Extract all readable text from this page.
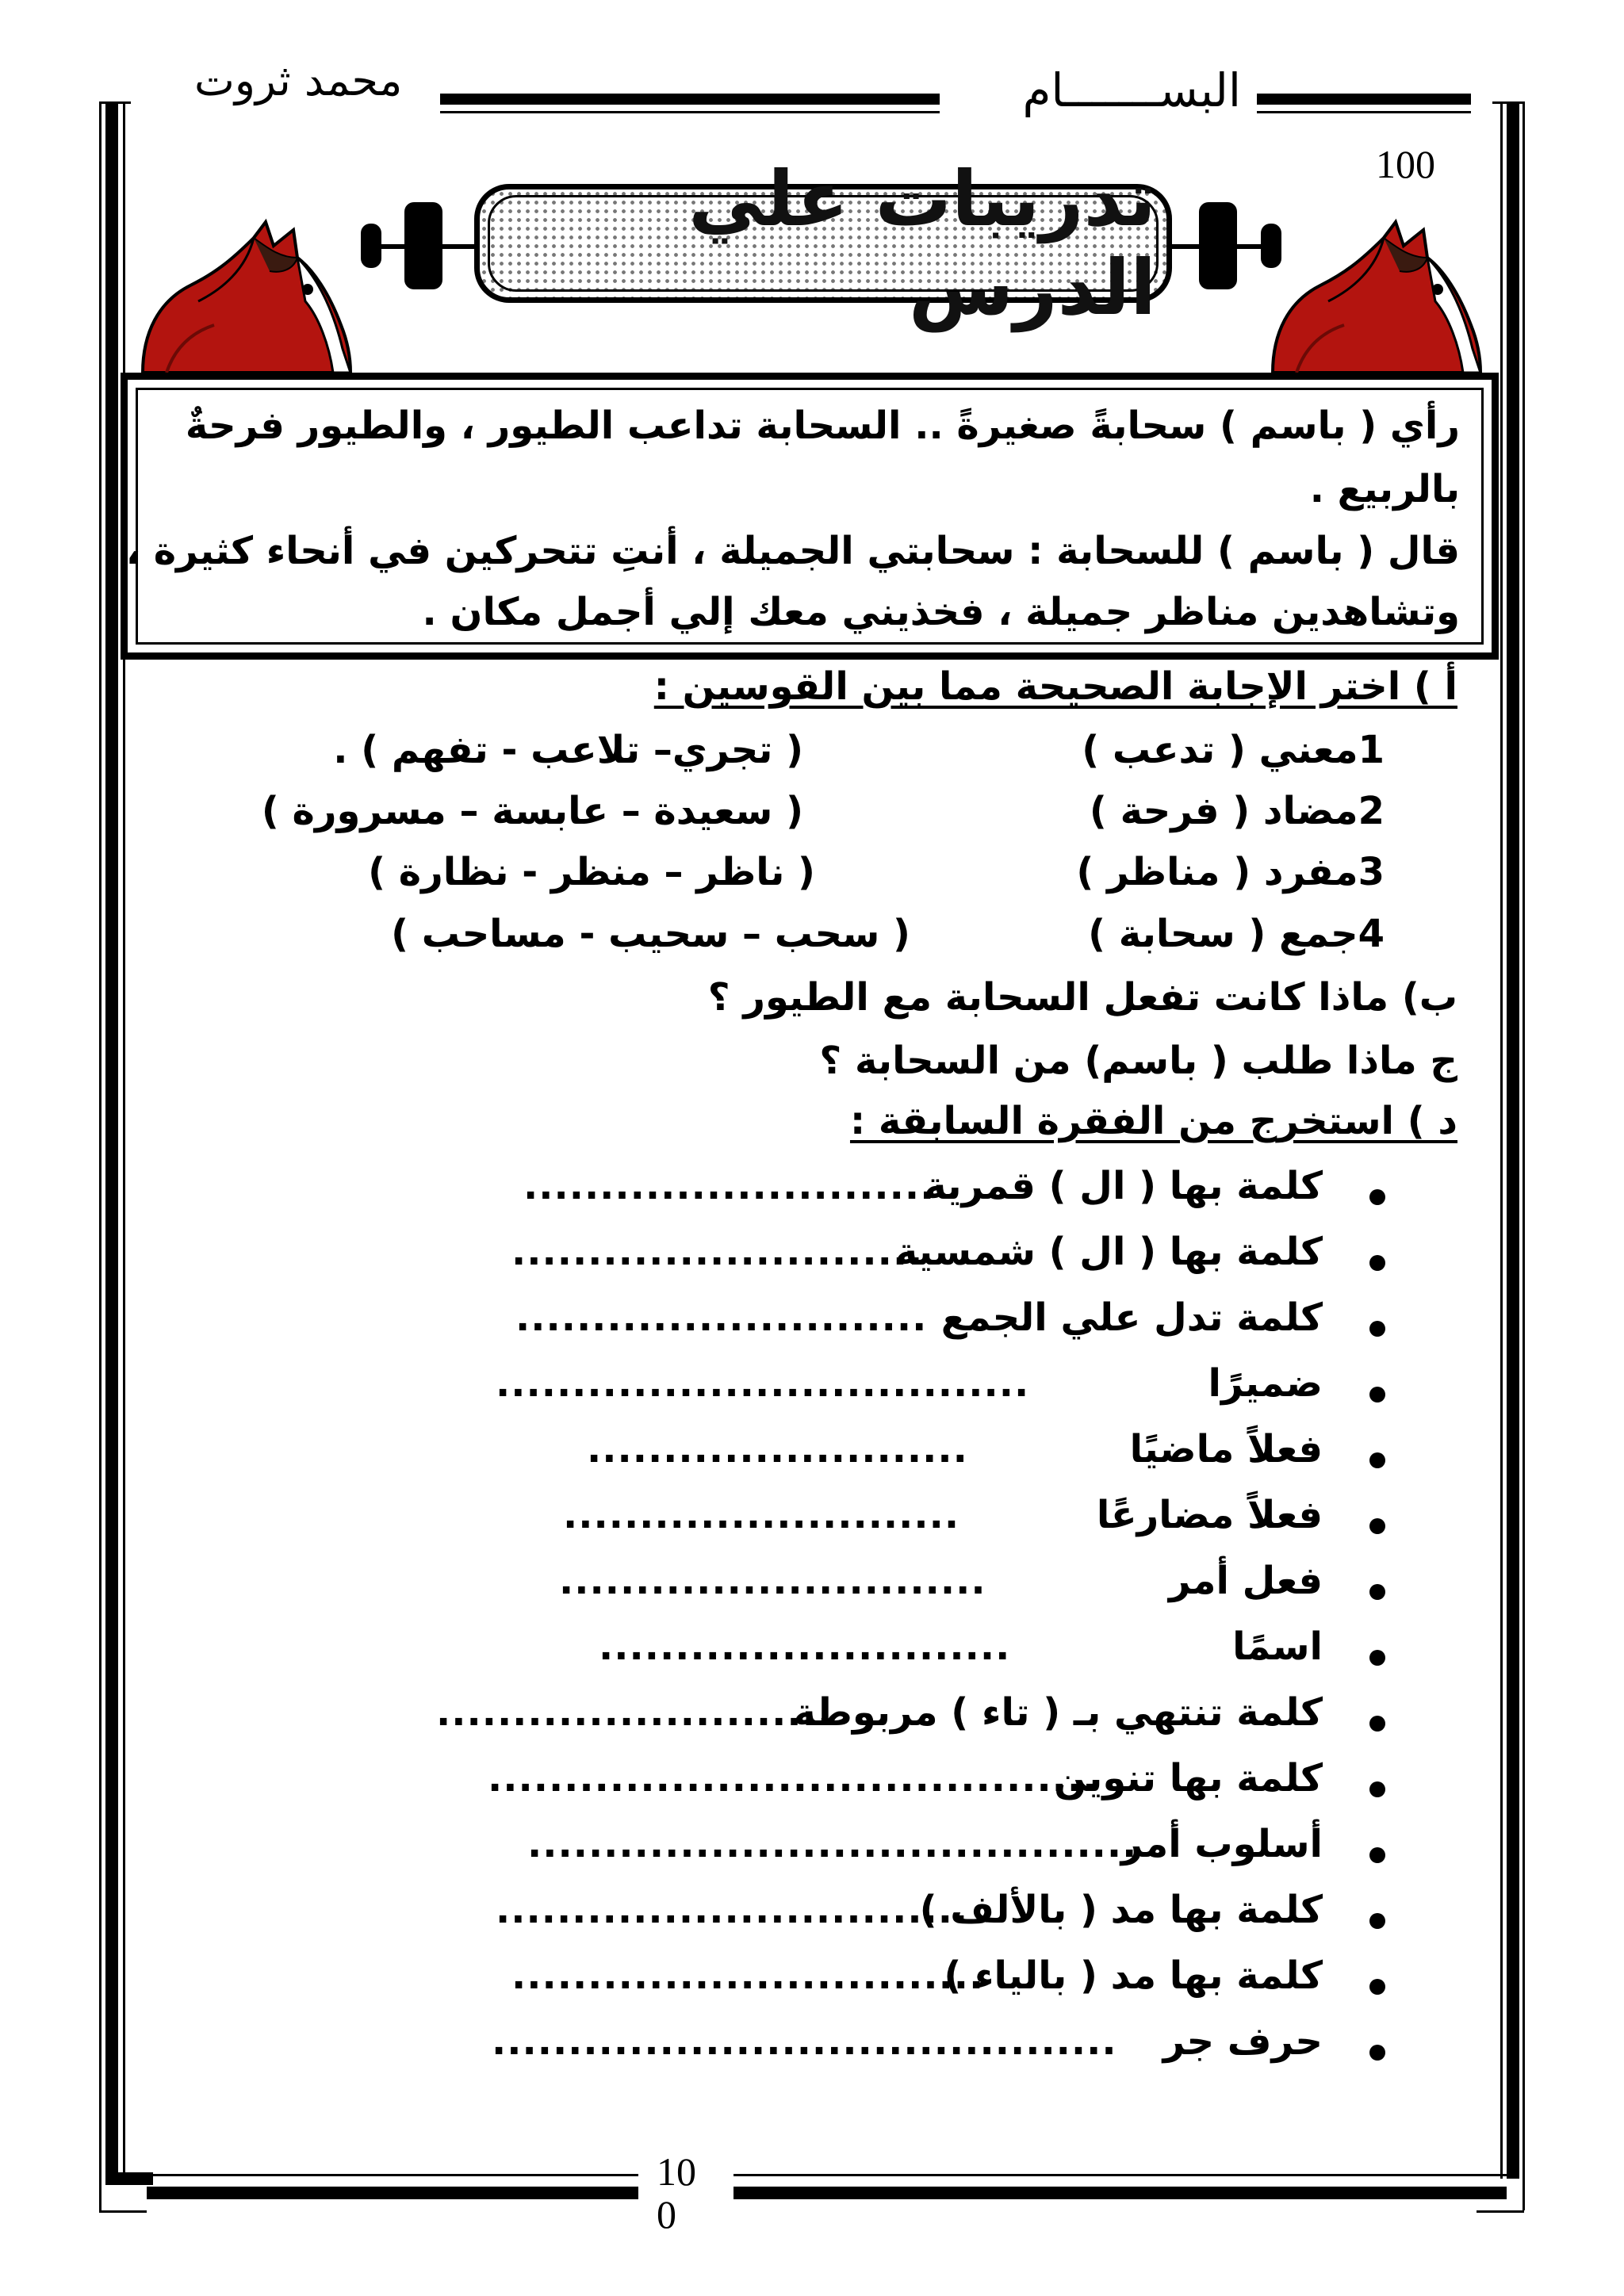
محمد ثروت	البســـــــام
100
تدريبات علي الدرس
رأي ( باسم ) سحابةً صغيرةً .. السحابة تداعب الطيور ، والطيور فرحةٌ
بالربيع .
قال ( باسم ) للسحابة : سحابتي الجميلة ، أنتِ تتحركين في أنحاء كثيرة ،
وتشاهدين مناظر جميلة ، فخذيني معك إلي أجمل مكان .
أ ) اختر الإجابة الصحيحة مما بين القوسين :
1معني ( تدعب )
( تجري– تلاعب - تفهم ) .
2مضاد ( فرحة )
( سعيدة – عابسة – مسرورة )
3مفرد ( مناظر )
( ناظر – منظر - نظارة )
4جمع ( سحابة )
( سحب – سحيب - مساحب )
ب) ماذا كانت تفعل السحابة مع الطيور ؟
ج ماذا طلب ( باسم) من السحابة ؟
د ) استخرج من الفقرة السابقة :
كلمة بها ( ال ) قمرية
...........................
كلمة بها ( ال ) شمسية
...........................
كلمة تدل علي الجمع
...........................
ضميرًا
...................................
فعلاً ماضيًا
.........................
فعلاً مضارعًا
..........................
فعل أمر
............................
اسمًا
...........................
كلمة تنتهي بـ ( تاء ) مربوطة
..........................
كلمة بها تنوين
........................................
أسلوب أمر
........................................
كلمة بها مد ( بالألف )
...............................
كلمة بها مد ( بالياء )
...............................
حرف جر
.........................................
10
0
